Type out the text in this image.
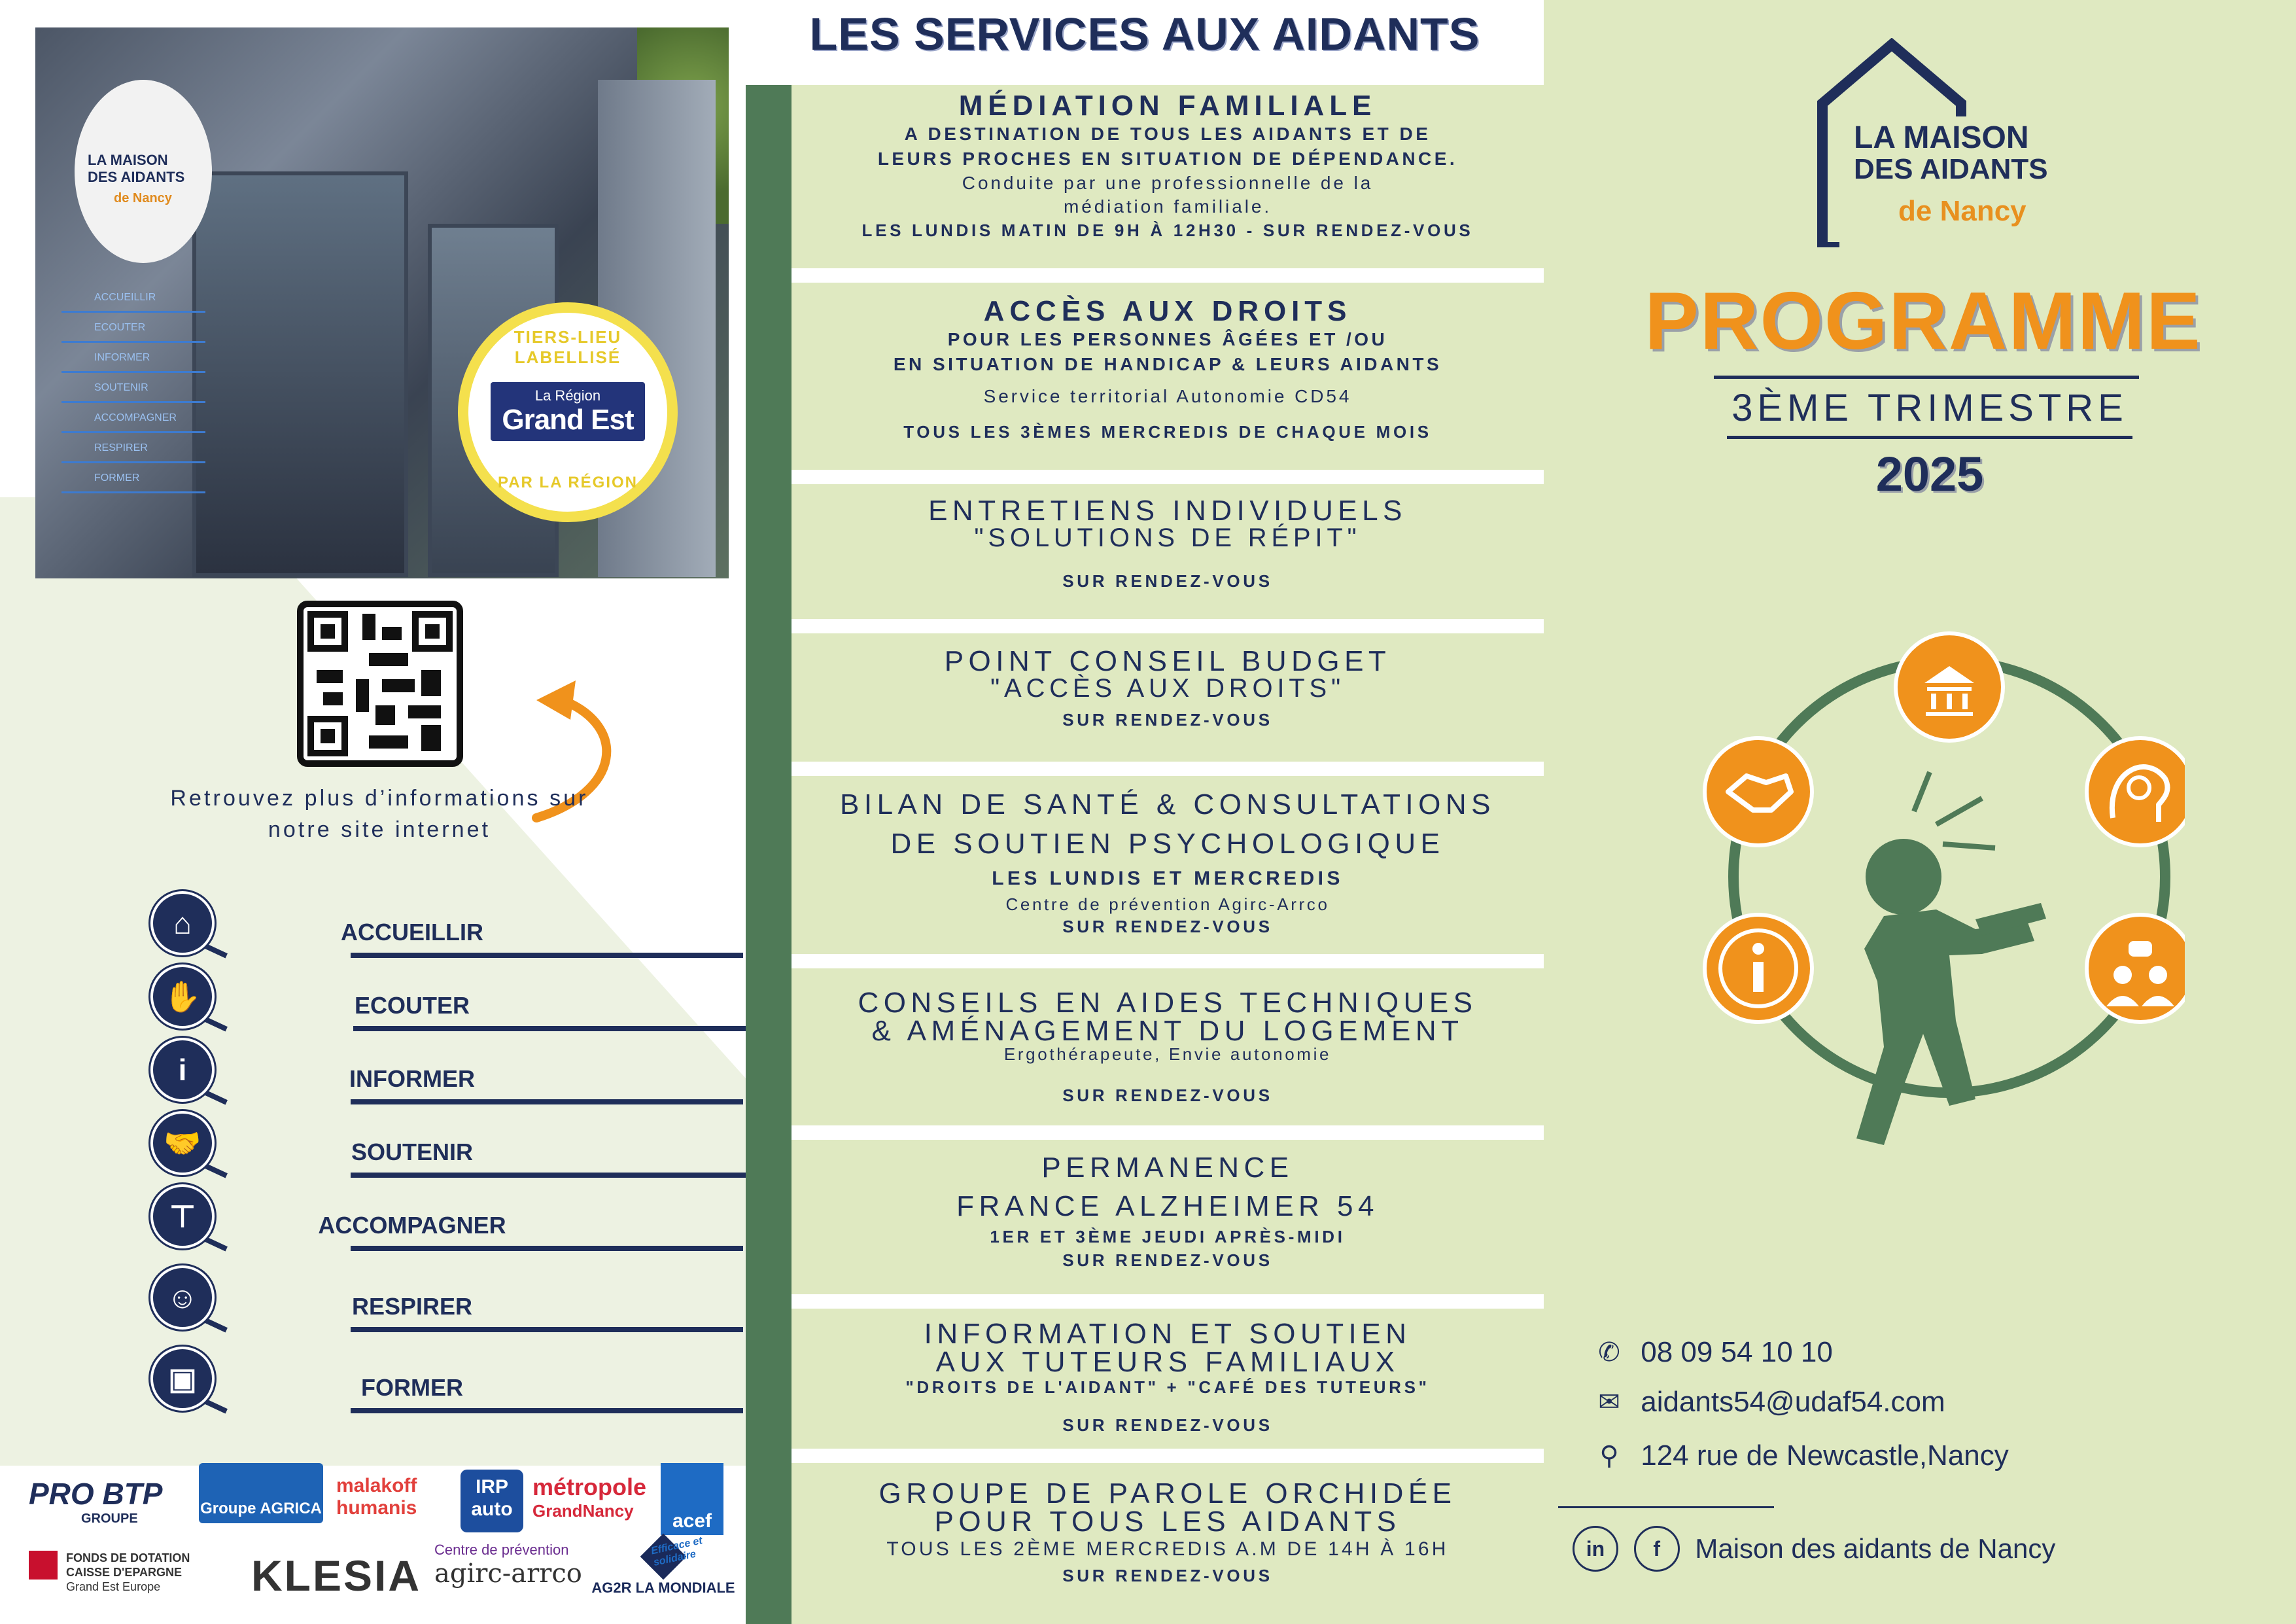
LA MAISON DES AIDANTS
de Nancy
ACCUEILLIR
ECOUTER
INFORMER
SOUTENIR
ACCOMPAGNER
RESPIRER
FORMER
TIERS-LIEU LABELLISÉ
La Région
Grand Est
PAR LA RÉGION
Retrouvez plus d’informations sur notre site internet
⌂	ACCUEILLIR
✋	ECOUTER
i	INFORMER
🤝	SOUTENIR
⊤	ACCOMPAGNER
☺	RESPIRER
▣	FORMER
PRO BTP
GROUPE
Groupe AGRICA
malakoff
humanis
IRP
auto
métropole
GrandNancy	acef

FONDS DE DOTATION
CAISSE D'EPARGNE
Grand Est Europe	KLESIA
Centre de prévention
agirc-arrco AG2R LA MONDIALE
Efficace et solidaire
LES SERVICES AUX AIDANTS
MÉDIATION FAMILIALE
A DESTINATION DE TOUS LES AIDANTS ET DE
LEURS PROCHES EN SITUATION DE DÉPENDANCE.
Conduite par une professionnelle de la
médiation familiale.
LES LUNDIS MATIN DE 9H À 12H30 - SUR RENDEZ-VOUS
ACCÈS AUX DROITS
POUR LES PERSONNES ÂGÉES ET /OU
EN SITUATION DE HANDICAP & LEURS AIDANTS
Service territorial Autonomie CD54
TOUS LES 3ÈMES MERCREDIS DE CHAQUE MOIS
ENTRETIENS INDIVIDUELS
"SOLUTIONS DE RÉPIT"
SUR RENDEZ-VOUS
POINT CONSEIL BUDGET
"ACCÈS AUX DROITS"
SUR RENDEZ-VOUS
BILAN DE SANTÉ & CONSULTATIONS
DE SOUTIEN PSYCHOLOGIQUE
LES LUNDIS ET MERCREDIS
Centre de prévention Agirc-Arrco
SUR RENDEZ-VOUS
CONSEILS EN AIDES TECHNIQUES
& AMÉNAGEMENT DU LOGEMENT
Ergothérapeute, Envie autonomie
SUR RENDEZ-VOUS
PERMANENCE
FRANCE ALZHEIMER 54
1ER ET 3ÈME JEUDI APRÈS-MIDI
SUR RENDEZ-VOUS
INFORMATION ET SOUTIEN
AUX TUTEURS FAMILIAUX
"DROITS DE L'AIDANT" + "CAFÉ DES TUTEURS"
SUR RENDEZ-VOUS
GROUPE DE PAROLE ORCHIDÉE
POUR TOUS LES AIDANTS
TOUS LES 2ÈME MERCREDIS A.M DE 14H À 16H
SUR RENDEZ-VOUS
LA MAISON
DES AIDANTS
de Nancy
PROGRAMME
3ÈME TRIMESTRE
2025
✆ 08 09 54 10 10
✉ aidants54@udaf54.com
⚲ 124 rue de Newcastle,Nancy
in f Maison des aidants de Nancy
